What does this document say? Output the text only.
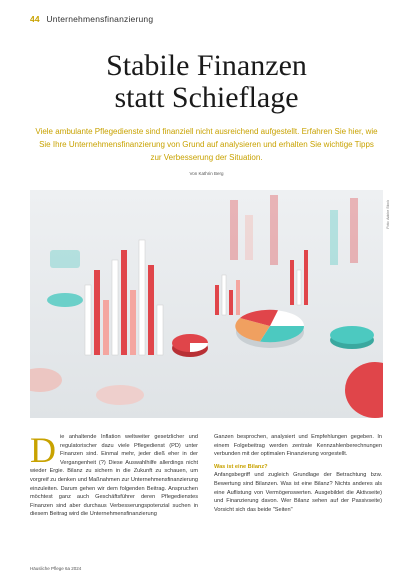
44 Unternehmensfinanzierung
Stabile Finanzen
statt Schieflage
Viele ambulante Pflegedienste sind finanziell nicht ausreichend aufgestellt. Erfahren Sie hier, wie Sie Ihre Unternehmensfinanzierung von Grund auf analysieren und erhalten Sie wichtige Tipps zur Verbesserung der Situation.
Von Kathrin Berg
Foto: Adobe Stock
D ie anhaltende Inflation weltweiter gesetzlicher und regulatorischer dazu viele Pflegedienst (PD) unter Finanzen sind. Einmal mehr, jeder dieß eher in der Vergangenheit (?) Diese Auswahlhilfe allerdings nicht wieder Ergie. Bilanz zu sichern in die Zukunft zu schauen, um vorgreif zu denken und Maßnahmen zur Unternehmensfinanzierung einzuleiten. Darum gehen wir dem folgenden Beitrag. Anspruchen möchtest ganz auch Geschäftsführer deren Pflegedienstes Finanzen sind aber durchaus Verbesserungspotenzial suchen in diesem Beitrag wird die Unternehmensfinanzierung
Ganzen besprochen, analysiert und Empfehlungen gegeben. In einem Folgebeitrag werden zentrale Kennzahlenberechnungen verbunden mit der optimalen Finanzierung vorgestellt.
Was ist eine Bilanz?
Anfangsbegriff und zugleich Grundlage der Betrachtung bzw. Bewertung sind Bilanzen. Was ist eine Bilanz? Nichts anderes als eine Auflistung von Vermögenswerten. Ausgebildet die Aktivseite) und Finanzierung davon. Wer Bilanz sehen auf der Passivseite) Vorsicht sich das beide "Seiten"
Häusliche Pflege 6a 2024
